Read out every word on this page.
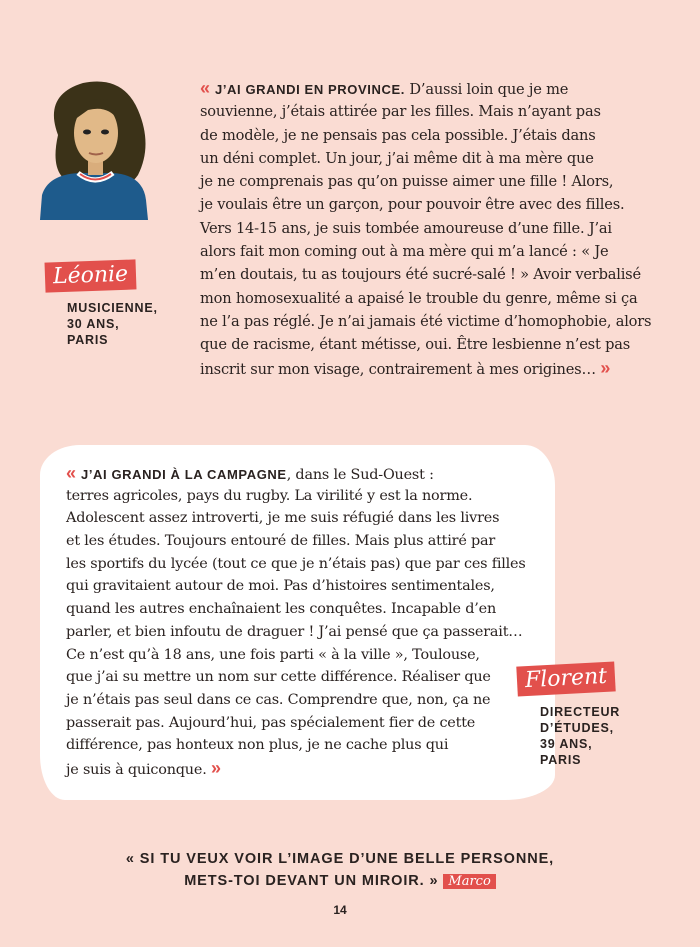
Léonie
MUSICIENNE,
30 ANS,
PARIS
« J’AI GRANDI EN PROVINCE. D’aussi loin que je me
souvienne, j’étais attirée par les filles. Mais n’ayant pas
de modèle, je ne pensais pas cela possible. J’étais dans
un déni complet. Un jour, j’ai même dit à ma mère que
je ne comprenais pas qu’on puisse aimer une fille ! Alors,
je voulais être un garçon, pour pouvoir être avec des filles.
Vers 14-15 ans, je suis tombée amoureuse d’une fille. J’ai
alors fait mon coming out à ma mère qui m’a lancé : « Je
m’en doutais, tu as toujours été sucré-salé ! » Avoir verbalisé
mon homosexualité a apaisé le trouble du genre, même si ça
ne l’a pas réglé. Je n’ai jamais été victime d’homophobie, alors
que de racisme, étant métisse, oui. Être lesbienne n’est pas
inscrit sur mon visage, contrairement à mes origines… »
« J’AI GRANDI À LA CAMPAGNE, dans le Sud-Ouest :
terres agricoles, pays du rugby. La virilité y est la norme.
Adolescent assez introverti, je me suis réfugié dans les livres
et les études. Toujours entouré de filles. Mais plus attiré par
les sportifs du lycée (tout ce que je n’étais pas) que par ces filles
qui gravitaient autour de moi. Pas d’histoires sentimentales,
quand les autres enchaînaient les conquêtes. Incapable d’en
parler, et bien infoutu de draguer ! J’ai pensé que ça passerait…
Ce n’est qu’à 18 ans, une fois parti « à la ville », Toulouse,
que j’ai su mettre un nom sur cette différence. Réaliser que
je n’étais pas seul dans ce cas. Comprendre que, non, ça ne
passerait pas. Aujourd’hui, pas spécialement fier de cette
différence, pas honteux non plus, je ne cache plus qui
je suis à quiconque. »
Florent
DIRECTEUR
D’ÉTUDES,
39 ANS,
PARIS
« SI TU VEUX VOIR L’IMAGE D’UNE BELLE PERSONNE,
METS-TOI DEVANT UN MIROIR. » Marco
14
